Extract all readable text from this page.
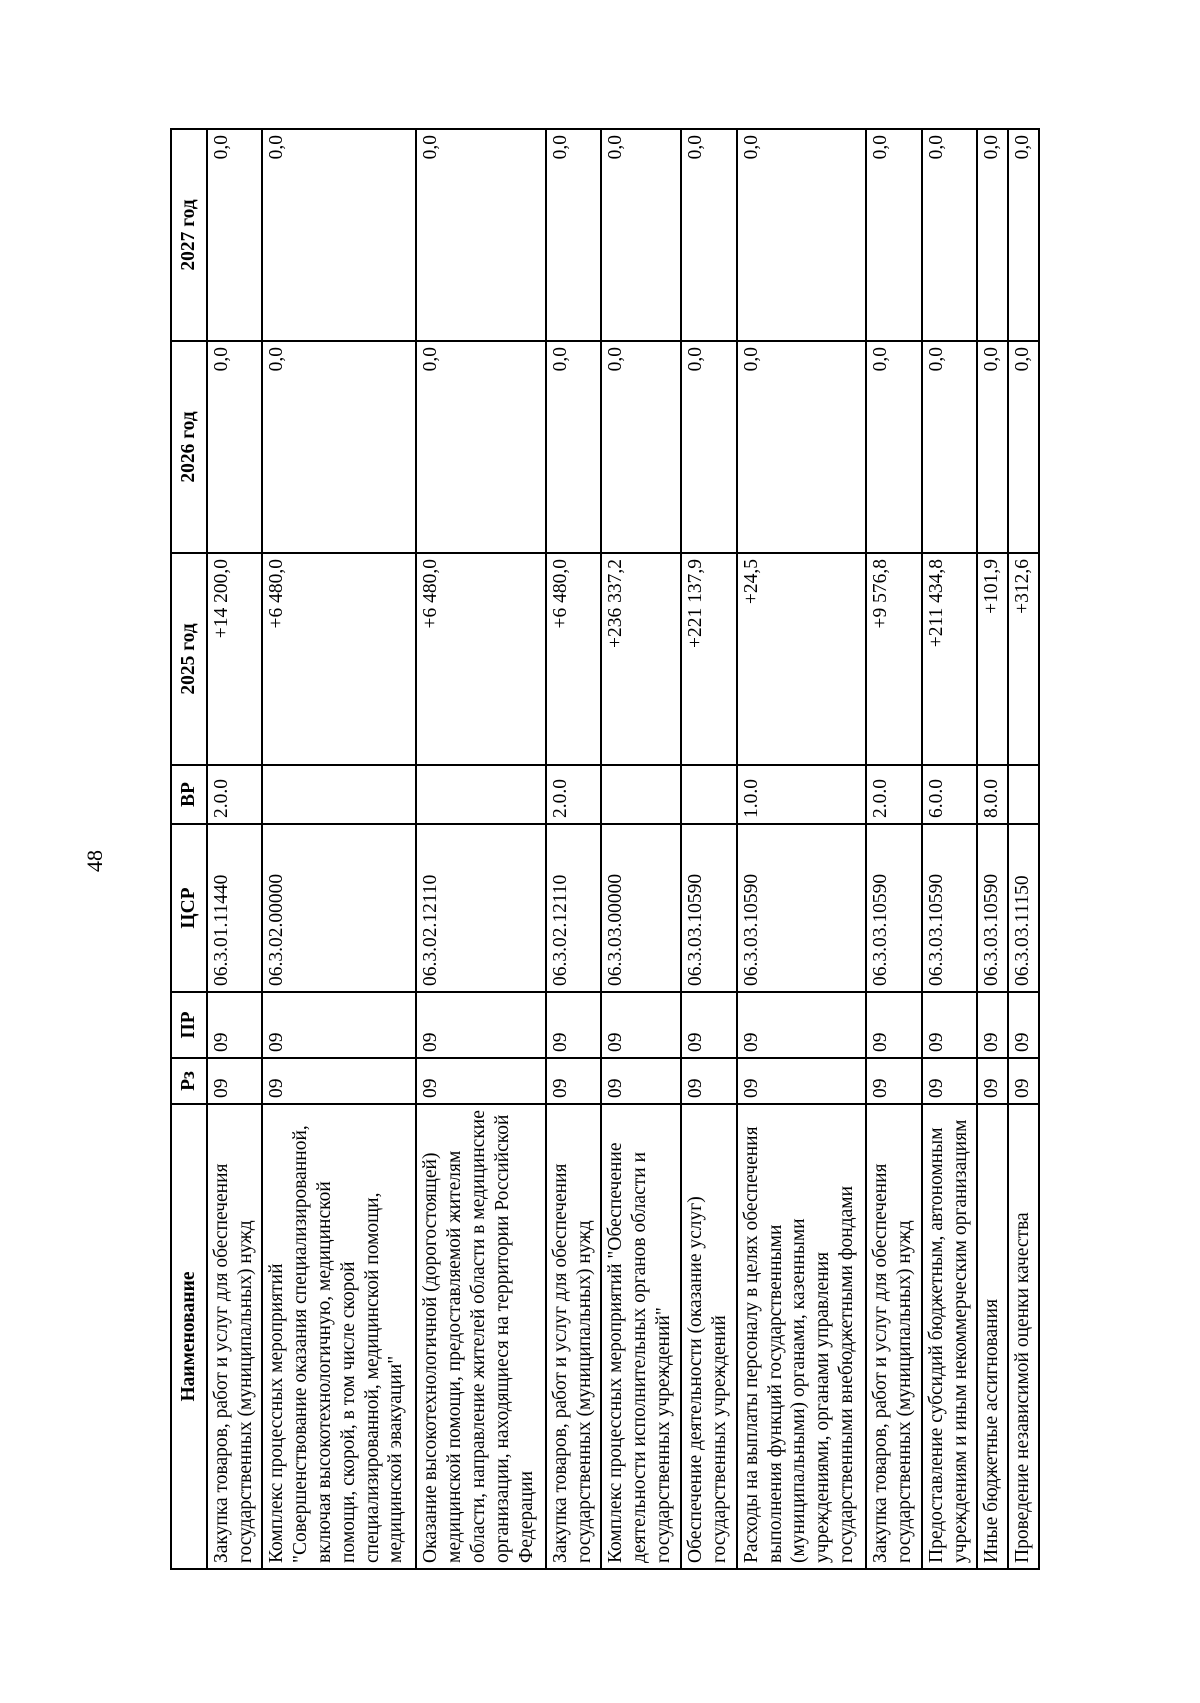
48
Наименование	Рз	ПР	ЦСР	ВР	2025 год	2026 год	2027 год
Закупка товаров, работ и услуг для обеспечения государственных (муниципальных) нужд	09	09	06.3.01.11440	2.0.0	+14 200,0	0,0	0,0
Комплекс процессных мероприятий "Совершенствование оказания специализированной, включая высокотехнологичную, медицинской помощи, скорой, в том числе скорой специализированной, медицинской помощи, медицинской эвакуации"	09	09	06.3.02.00000		+6 480,0	0,0	0,0
Оказание высокотехнологичной (дорогостоящей) медицинской помощи, предоставляемой жителям области, направление жителей области в медицинские организации, находящиеся на территории Российской Федерации	09	09	06.3.02.12110		+6 480,0	0,0	0,0
Закупка товаров, работ и услуг для обеспечения государственных (муниципальных) нужд	09	09	06.3.02.12110	2.0.0	+6 480,0	0,0	0,0
Комплекс процессных мероприятий "Обеспечение деятельности исполнительных органов области и государственных учреждений"	09	09	06.3.03.00000		+236 337,2	0,0	0,0
Обеспечение деятельности (оказание услуг) государственных учреждений	09	09	06.3.03.10590		+221 137,9	0,0	0,0
Расходы на выплаты персоналу в целях обеспечения выполнения функций государственными (муниципальными) органами, казенными учреждениями, органами управления государственными внебюджетными фондами	09	09	06.3.03.10590	1.0.0	+24,5	0,0	0,0
Закупка товаров, работ и услуг для обеспечения государственных (муниципальных) нужд	09	09	06.3.03.10590	2.0.0	+9 576,8	0,0	0,0
Предоставление субсидий бюджетным, автономным учреждениям и иным некоммерческим организациям	09	09	06.3.03.10590	6.0.0	+211 434,8	0,0	0,0
Иные бюджетные ассигнования	09	09	06.3.03.10590	8.0.0	+101,9	0,0	0,0
Проведение независимой оценки качества	09	09	06.3.03.11150		+312,6	0,0	0,0
